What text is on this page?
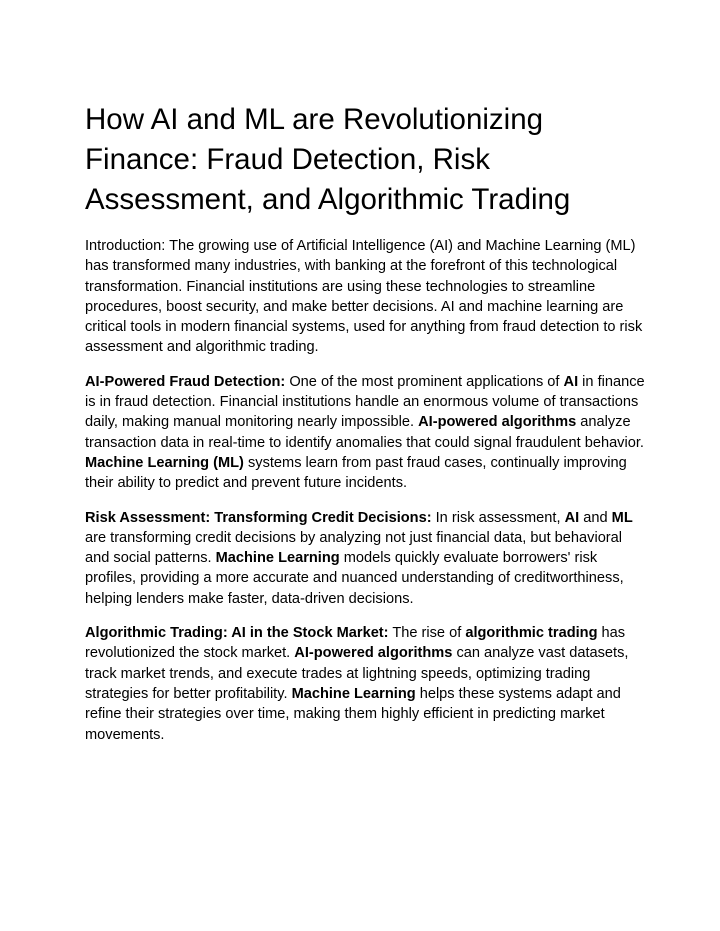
How AI and ML are Revolutionizing Finance: Fraud Detection, Risk Assessment, and Algorithmic Trading

Introduction: The growing use of Artificial Intelligence (AI) and Machine Learning (ML) has transformed many industries, with banking at the forefront of this technological transformation. Financial institutions are using these technologies to streamline procedures, boost security, and make better decisions. AI and machine learning are critical tools in modern financial systems, used for anything from fraud detection to risk assessment and algorithmic trading.

AI-Powered Fraud Detection: One of the most prominent applications of AI in finance is in fraud detection. Financial institutions handle an enormous volume of transactions daily, making manual monitoring nearly impossible. AI-powered algorithms analyze transaction data in real-time to identify anomalies that could signal fraudulent behavior. Machine Learning (ML) systems learn from past fraud cases, continually improving their ability to predict and prevent future incidents.

Risk Assessment: Transforming Credit Decisions: In risk assessment, AI and ML are transforming credit decisions by analyzing not just financial data, but behavioral and social patterns. Machine Learning models quickly evaluate borrowers' risk profiles, providing a more accurate and nuanced understanding of creditworthiness, helping lenders make faster, data-driven decisions.

Algorithmic Trading: AI in the Stock Market: The rise of algorithmic trading has revolutionized the stock market. AI-powered algorithms can analyze vast datasets, track market trends, and execute trades at lightning speeds, optimizing trading strategies for better profitability. Machine Learning helps these systems adapt and refine their strategies over time, making them highly efficient in predicting market movements.
